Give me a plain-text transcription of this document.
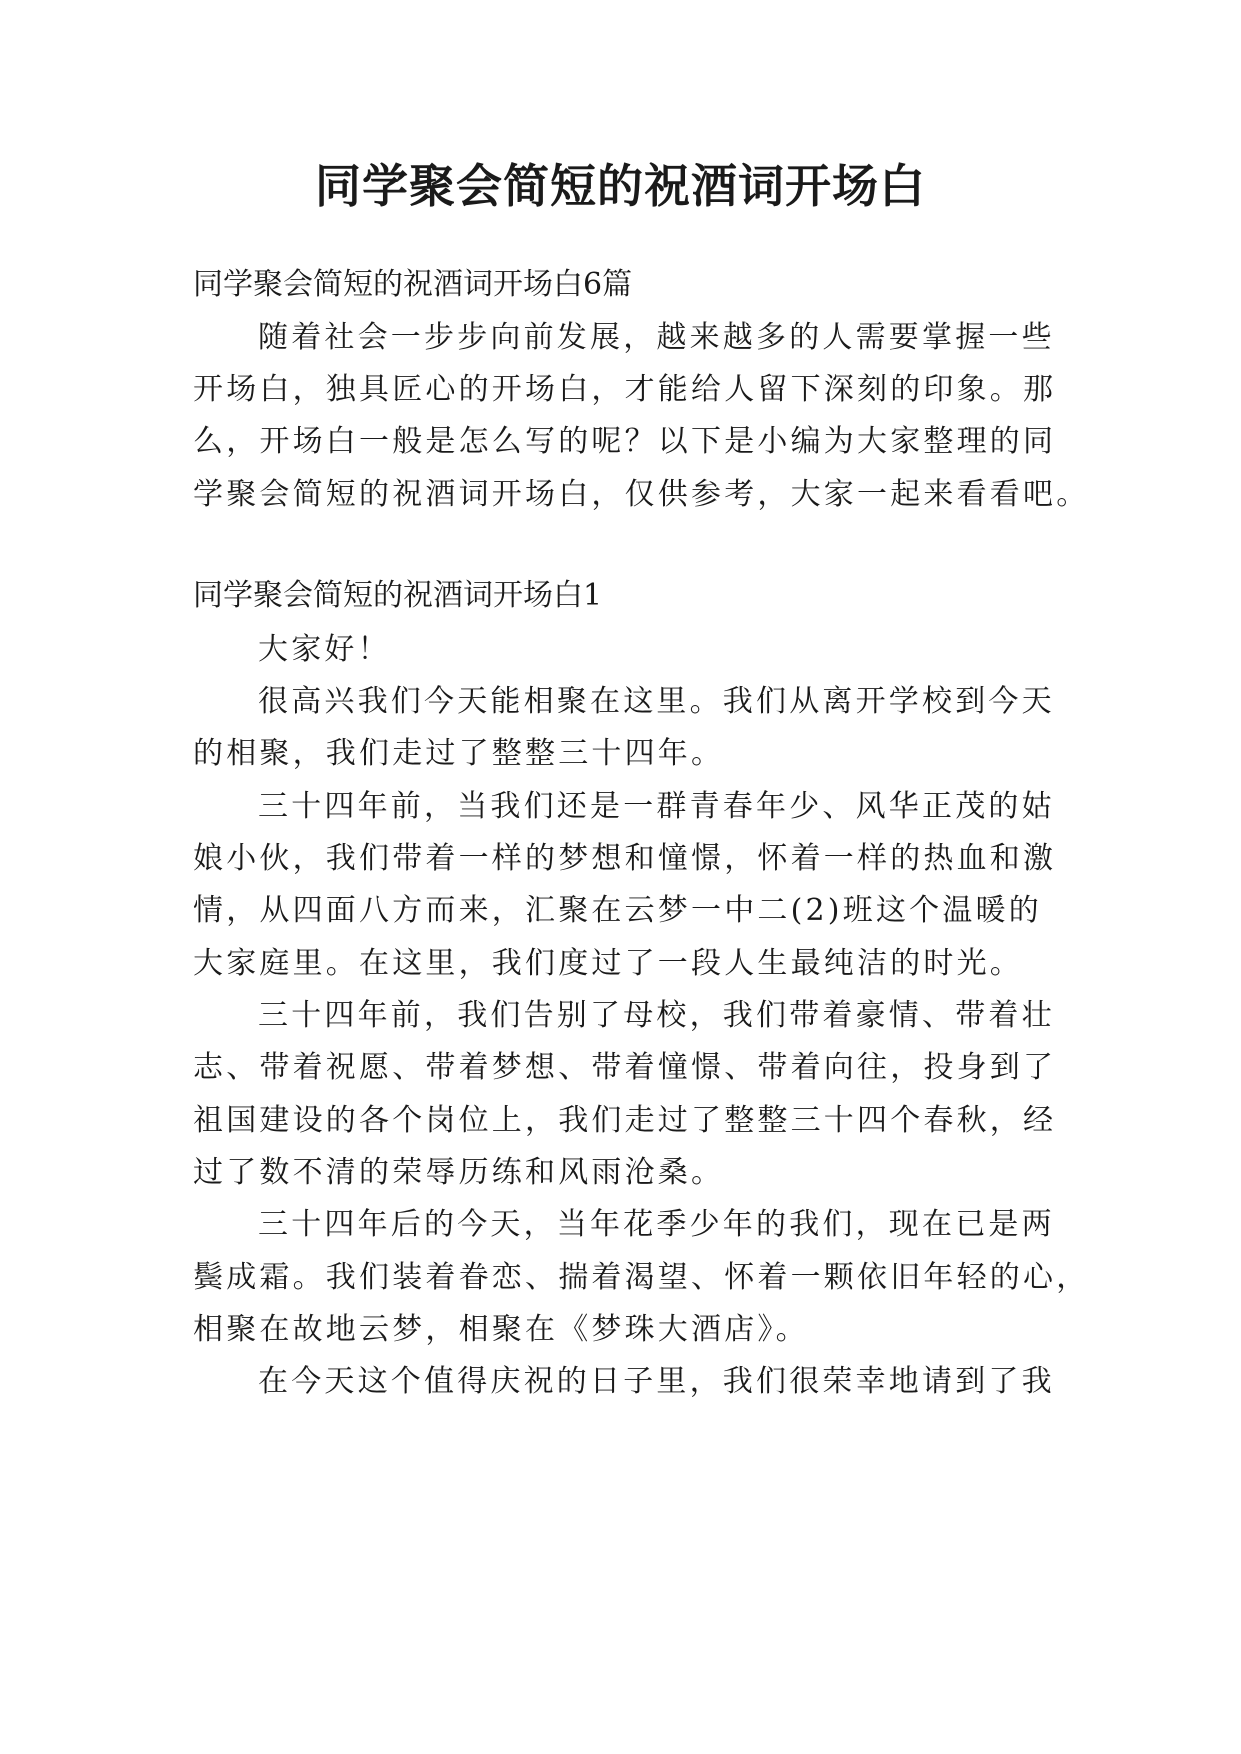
同学聚会简短的祝酒词开场白
同学聚会简短的祝酒词开场白6篇
随着社会一步步向前发展，越来越多的人需要掌握一些
开场白，独具匠心的开场白，才能给人留下深刻的印象。那
么，开场白一般是怎么写的呢？以下是小编为大家整理的同
学聚会简短的祝酒词开场白，仅供参考，大家一起来看看吧。
同学聚会简短的祝酒词开场白1
大家好！
很高兴我们今天能相聚在这里。我们从离开学校到今天
的相聚，我们走过了整整三十四年。
三十四年前，当我们还是一群青春年少、风华正茂的姑
娘小伙，我们带着一样的梦想和憧憬，怀着一样的热血和激
情，从四面八方而来，汇聚在云梦一中二(2)班这个温暖的
大家庭里。在这里，我们度过了一段人生最纯洁的时光。
三十四年前，我们告别了母校，我们带着豪情、带着壮
志、带着祝愿、带着梦想、带着憧憬、带着向往，投身到了
祖国建设的各个岗位上，我们走过了整整三十四个春秋，经
过了数不清的荣辱历练和风雨沧桑。
三十四年后的今天，当年花季少年的我们，现在已是两
鬓成霜。我们装着眷恋、揣着渴望、怀着一颗依旧年轻的心，
相聚在故地云梦，相聚在《梦珠大酒店》。
在今天这个值得庆祝的日子里，我们很荣幸地请到了我
